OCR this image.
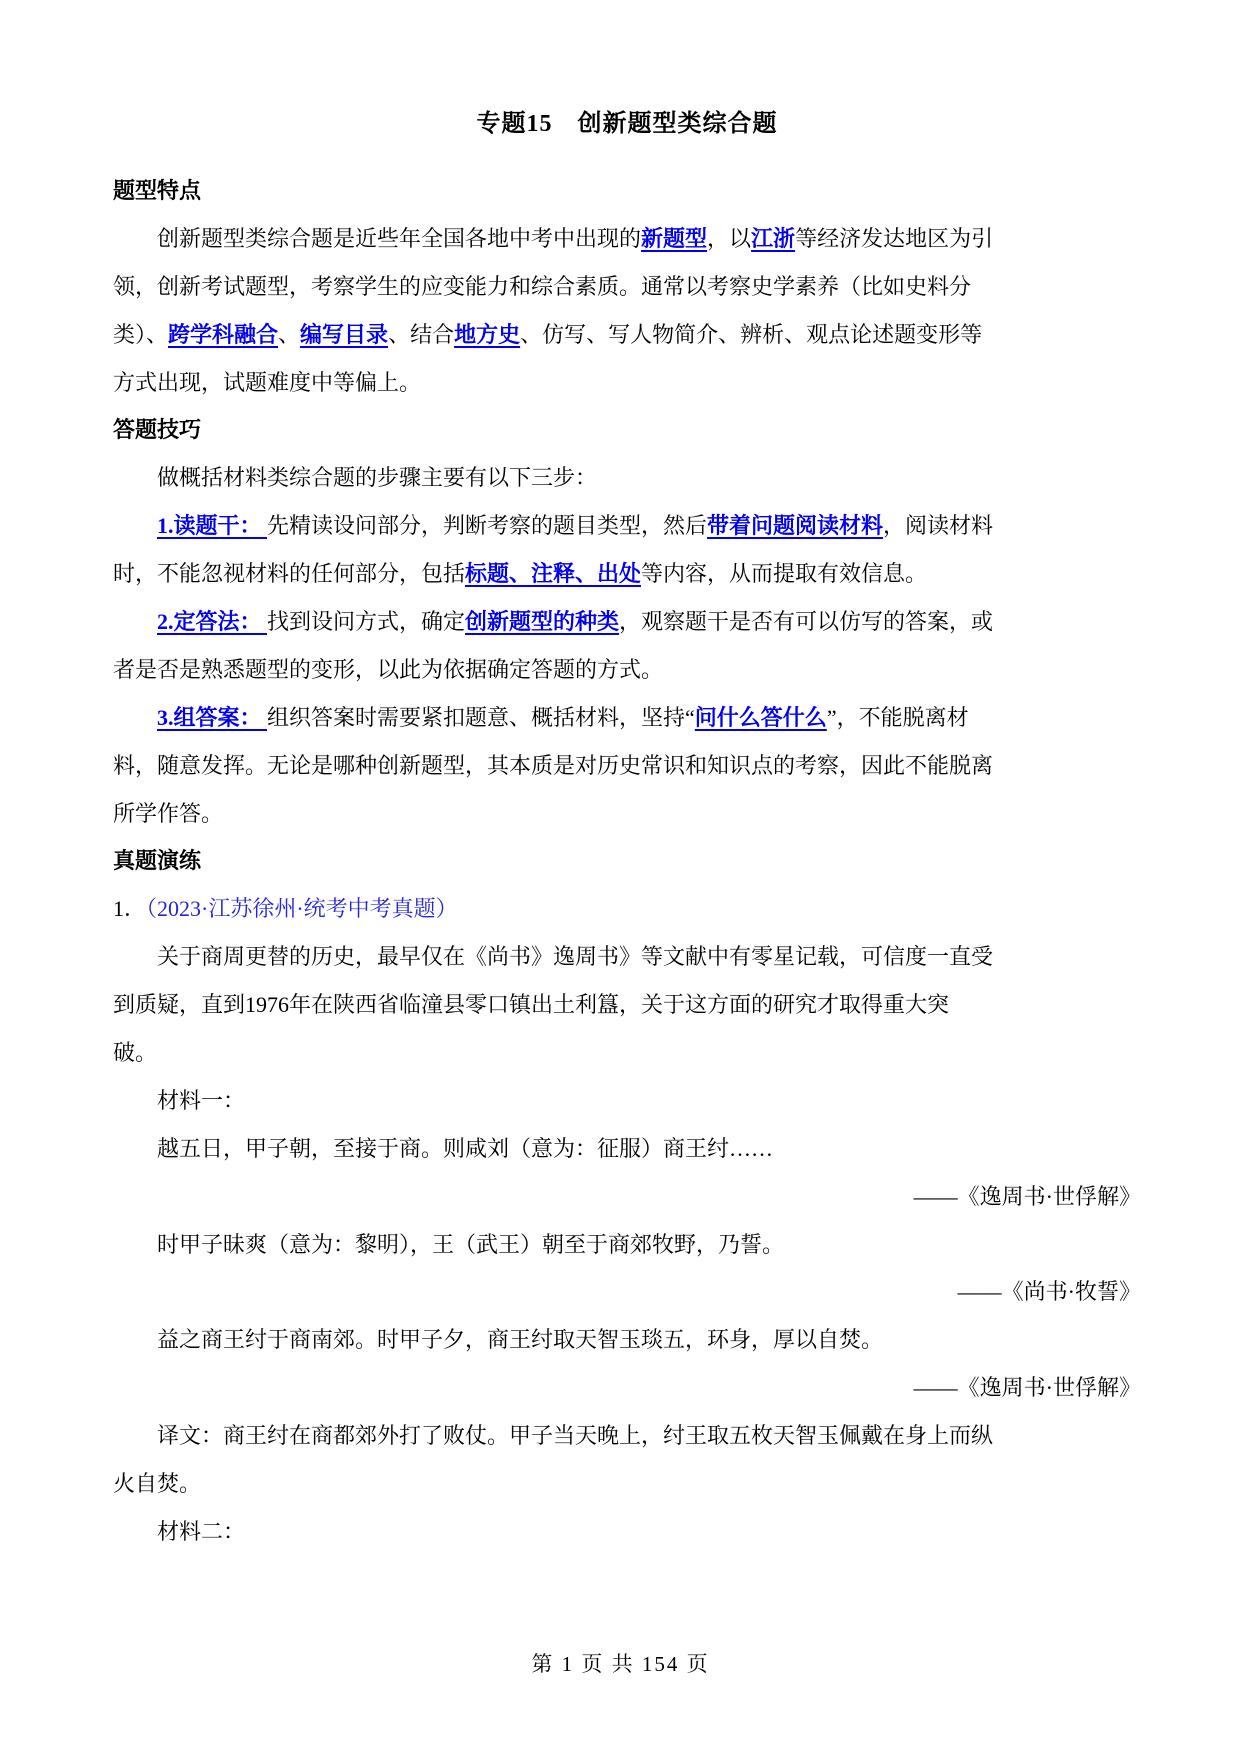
专题15　创新题型类综合题
题型特点
创新题型类综合题是近些年全国各地中考中出现的新题型，以江浙等经济发达地区为引
领，创新考试题型，考察学生的应变能力和综合素质。通常以考察史学素养（比如史料分
类）、跨学科融合、编写目录、结合地方史、仿写、写人物简介、辨析、观点论述题变形等
方式出现，试题难度中等偏上。
答题技巧
做概括材料类综合题的步骤主要有以下三步：
1.读题干： 先精读设问部分，判断考察的题目类型，然后带着问题阅读材料，阅读材料
时，不能忽视材料的任何部分，包括标题、注释、出处等内容，从而提取有效信息。
2.定答法： 找到设问方式，确定创新题型的种类，观察题干是否有可以仿写的答案，或
者是否是熟悉题型的变形，以此为依据确定答题的方式。
3.组答案： 组织答案时需要紧扣题意、概括材料，坚持“问什么答什么”，不能脱离材
料，随意发挥。无论是哪种创新题型，其本质是对历史常识和知识点的考察，因此不能脱离
所学作答。
真题演练
1．（2023·江苏徐州·统考中考真题）
关于商周更替的历史，最早仅在《尚书》逸周书》等文献中有零星记载，可信度一直受
到质疑，直到1976年在陕西省临潼县零口镇出土利簋，关于这方面的研究才取得重大突
破。
材料一：
越五日，甲子朝，至接于商。则咸刘（意为：征服）商王纣……
——《逸周书·世俘解》
时甲子昧爽（意为：黎明），王（武王）朝至于商郊牧野，乃誓。
——《尚书·牧誓》
益之商王纣于商南郊。时甲子夕，商王纣取天智玉琰五，环身，厚以自焚。
——《逸周书·世俘解》
译文：商王纣在商都郊外打了败仗。甲子当天晚上，纣王取五枚天智玉佩戴在身上而纵
火自焚。
材料二：
第 1 页 共 154 页
